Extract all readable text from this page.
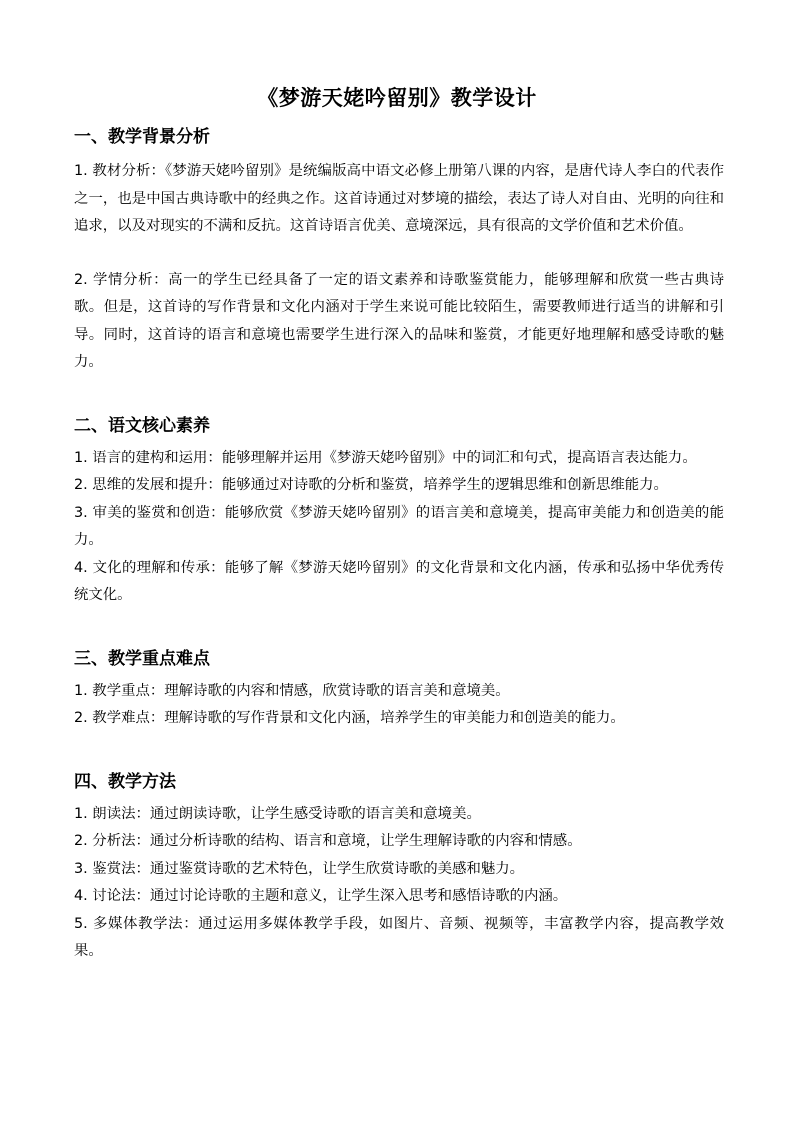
《梦游天姥吟留别》教学设计

一、教学背景分析

1. 教材分析：《梦游天姥吟留别》是统编版高中语文必修上册第八课的内容，是唐代诗人李白的代表作之一，也是中国古典诗歌中的经典之作。这首诗通过对梦境的描绘，表达了诗人对自由、光明的向往和追求，以及对现实的不满和反抗。这首诗语言优美、意境深远，具有很高的文学价值和艺术价值。

2. 学情分析：高一的学生已经具备了一定的语文素养和诗歌鉴赏能力，能够理解和欣赏一些古典诗歌。但是，这首诗的写作背景和文化内涵对于学生来说可能比较陌生，需要教师进行适当的讲解和引导。同时，这首诗的语言和意境也需要学生进行深入的品味和鉴赏，才能更好地理解和感受诗歌的魅力。

二、语文核心素养

1. 语言的建构和运用：能够理解并运用《梦游天姥吟留别》中的词汇和句式，提高语言表达能力。

2. 思维的发展和提升：能够通过对诗歌的分析和鉴赏，培养学生的逻辑思维和创新思维能力。

3. 审美的鉴赏和创造：能够欣赏《梦游天姥吟留别》的语言美和意境美，提高审美能力和创造美的能力。

4. 文化的理解和传承：能够了解《梦游天姥吟留别》的文化背景和文化内涵，传承和弘扬中华优秀传统文化。

三、教学重点难点

1. 教学重点：理解诗歌的内容和情感，欣赏诗歌的语言美和意境美。

2. 教学难点：理解诗歌的写作背景和文化内涵，培养学生的审美能力和创造美的能力。

四、教学方法

1. 朗读法：通过朗读诗歌，让学生感受诗歌的语言美和意境美。

2. 分析法：通过分析诗歌的结构、语言和意境，让学生理解诗歌的内容和情感。

3. 鉴赏法：通过鉴赏诗歌的艺术特色，让学生欣赏诗歌的美感和魅力。

4. 讨论法：通过讨论诗歌的主题和意义，让学生深入思考和感悟诗歌的内涵。

5. 多媒体教学法：通过运用多媒体教学手段，如图片、音频、视频等，丰富教学内容，提高教学效果。
